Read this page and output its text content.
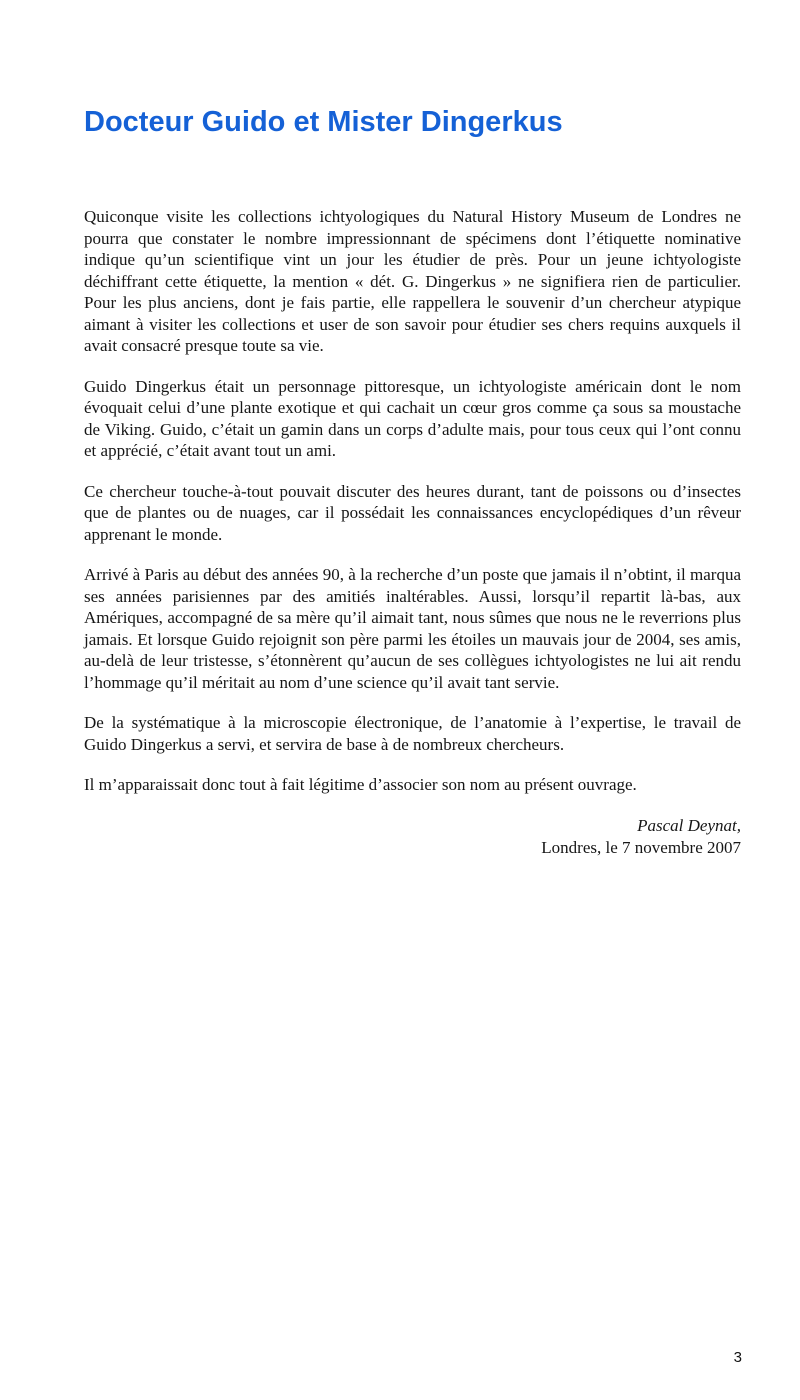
Docteur Guido et Mister Dingerkus

Quiconque visite les collections ichtyologiques du Natural History Museum de Londres ne pourra que constater le nombre impressionnant de spécimens dont l’étiquette nominative indique qu’un scientifique vint un jour les étudier de près. Pour un jeune ichtyologiste déchiffrant cette étiquette, la mention « dét. G. Dingerkus » ne signifiera rien de particulier. Pour les plus anciens, dont je fais partie, elle rappellera le souvenir d’un chercheur atypique aimant à visiter les collections et user de son savoir pour étudier ses chers requins auxquels il avait consacré presque toute sa vie.

Guido Dingerkus était un personnage pittoresque, un ichtyologiste américain dont le nom évoquait celui d’une plante exotique et qui cachait un cœur gros comme ça sous sa moustache de Viking. Guido, c’était un gamin dans un corps d’adulte mais, pour tous ceux qui l’ont connu et apprécié, c’était avant tout un ami.

Ce chercheur touche-à-tout pouvait discuter des heures durant, tant de poissons ou d’insectes que de plantes ou de nuages, car il possédait les connaissances encyclopédiques d’un rêveur apprenant le monde.

Arrivé à Paris au début des années 90, à la recherche d’un poste que jamais il n’obtint, il marqua ses années parisiennes par des amitiés inaltérables. Aussi, lorsqu’il repartit là-bas, aux Amériques, accompagné de sa mère qu’il aimait tant, nous sûmes que nous ne le reverrions plus jamais. Et lorsque Guido rejoignit son père parmi les étoiles un mauvais jour de 2004, ses amis, au-delà de leur tristesse, s’étonnèrent qu’aucun de ses collègues ichtyologistes ne lui ait rendu l’hommage qu’il méritait au nom d’une science qu’il avait tant servie.

De la systématique à la microscopie électronique, de l’anatomie à l’expertise, le travail de Guido Dingerkus a servi, et servira de base à de nombreux chercheurs.

Il m’apparaissait donc tout à fait légitime d’associer son nom au présent ouvrage.

Pascal Deynat,
Londres, le 7 novembre 2007
3
